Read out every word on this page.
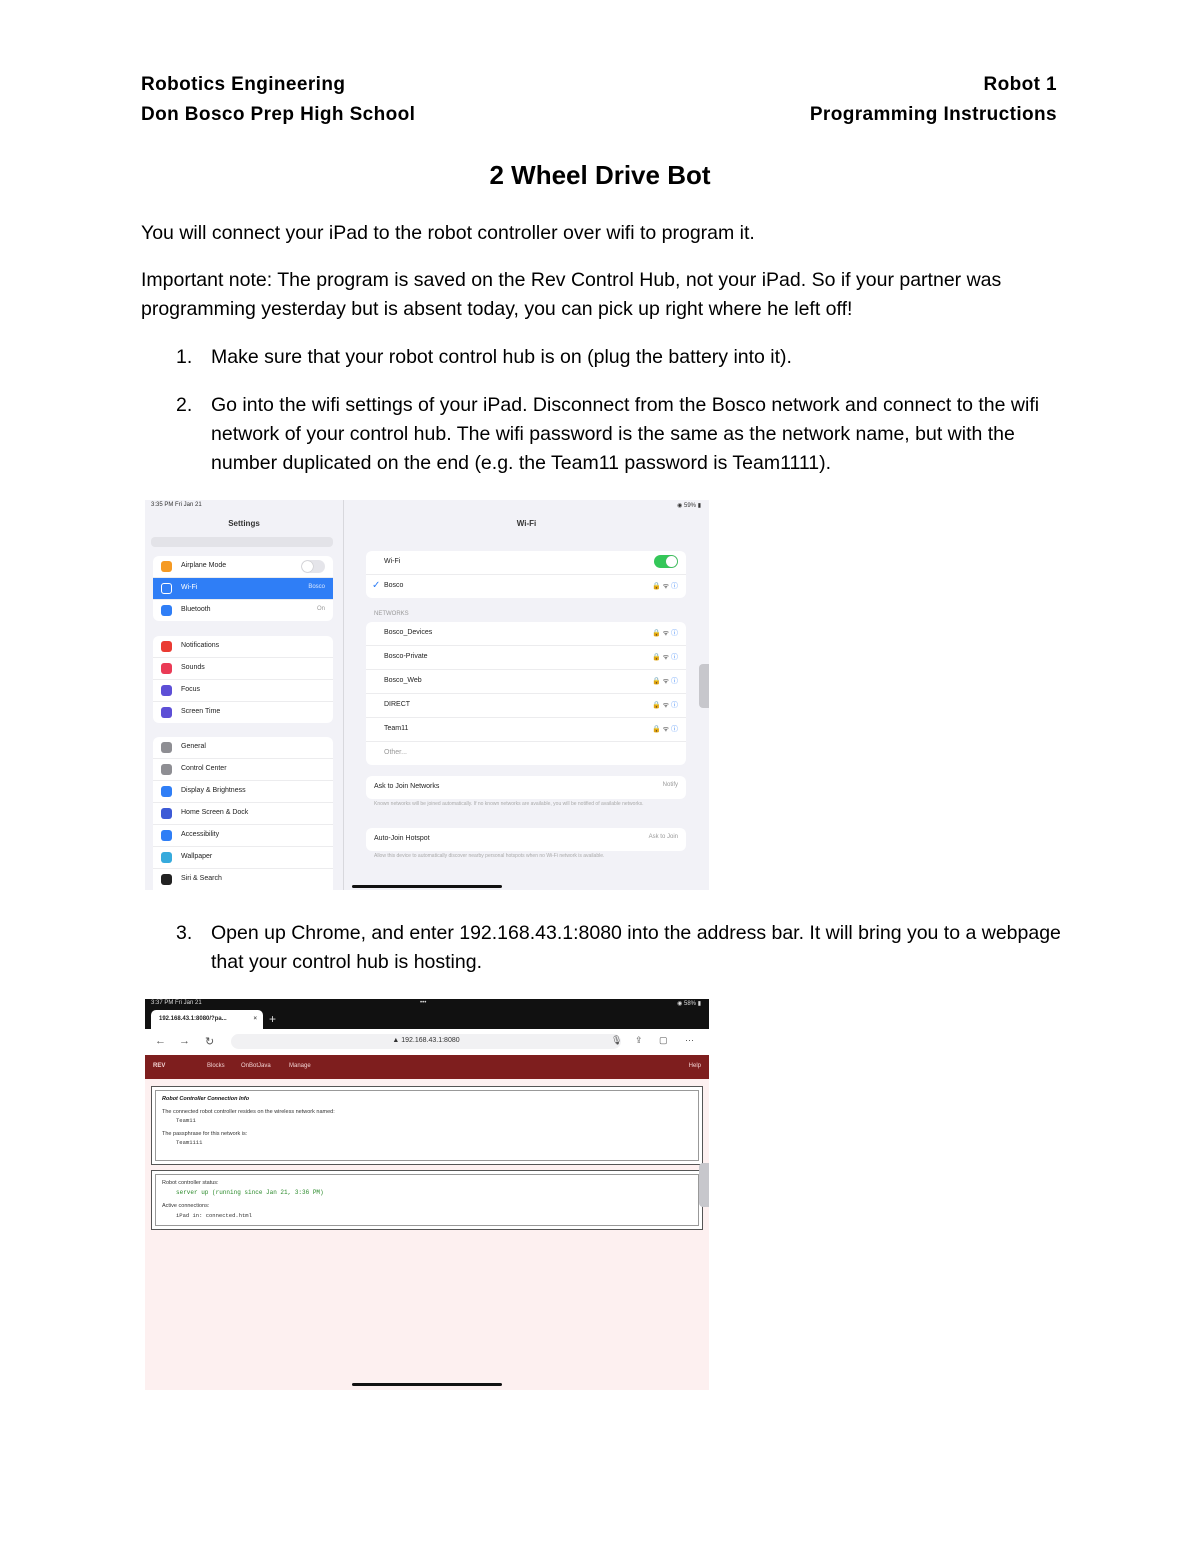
Robotics Engineering
Don Bosco Prep High School
Robot 1
Programming Instructions
2 Wheel Drive Bot
You will connect your iPad to the robot controller over wifi to program it.
Important note: The program is saved on the Rev Control Hub, not your iPad. So if your partner was programming yesterday but is absent today, you can pick up right where he left off!
1. Make sure that your robot control hub is on (plug the battery into it).
2. Go into the wifi settings of your iPad. Disconnect from the Bosco network and connect to the wifi network of your control hub. The wifi password is the same as the network name, but with the number duplicated on the end (e.g. the Team11 password is Team1111).
3:35 PM Fri Jan 21
Settings
Airplane Mode
Wi-Fi	Bosco
Bluetooth	On
Notifications
Sounds
Focus
Screen Time
General
Control Center
Display & Brightness
Home Screen & Dock
Accessibility
Wallpaper
Siri & Search
◉ 59% ▮
Wi-Fi
Wi-Fi
✓ Bosco	🔒 ᯤ ⓘ
NETWORKS
Bosco_Devices	🔒 ᯤ ⓘ
Bosco-Private	🔒 ᯤ ⓘ
Bosco_Web	🔒 ᯤ ⓘ
DIRECT	🔒 ᯤ ⓘ
Team11	🔒 ᯤ ⓘ
Other...
Ask to Join Networks	Notify
Known networks will be joined automatically. If no known networks are available, you will be notified of available networks.
Auto-Join Hotspot	Ask to Join
Allow this device to automatically discover nearby personal hotspots when no Wi-Fi network is available.
3. Open up Chrome, and enter 192.168.43.1:8080 into the address bar. It will bring you to a webpage that your control hub is hosting.
3:37 PM Fri Jan 21	•••	◉ 58% ▮
192.168.43.1:8080/?pa...	× +
← → ↻	▲ 192.168.43.1:8080	🎙 ⇪ ▢ ⋯
REV	Blocks	OnBotJava	Manage	Help
Robot Controller Connection Info
The connected robot controller resides on the wireless network named:
Team11
The passphrase for this network is:
Team1111
Robot controller status:
server up (running since Jan 21, 3:36 PM)
Active connections:
iPad in: connected.html
